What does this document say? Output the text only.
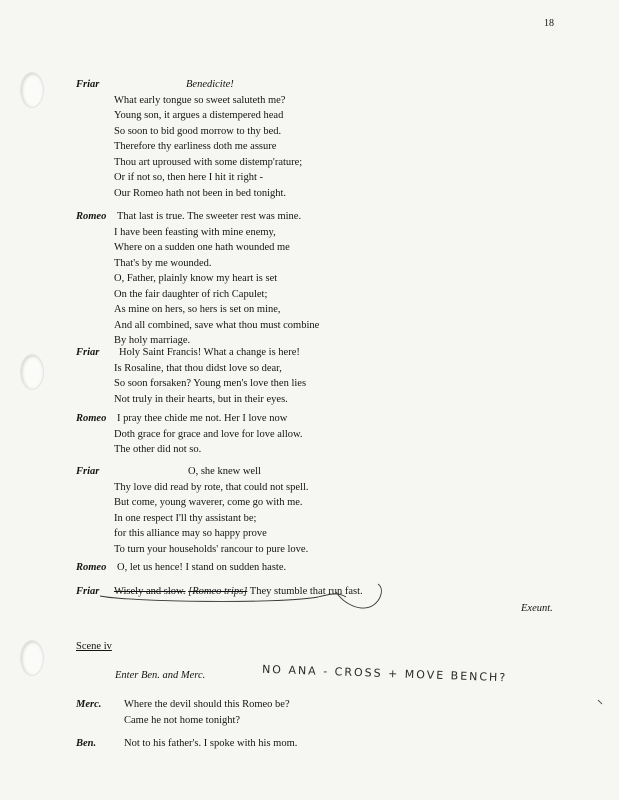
18
Friar	Benedicite!
What early tongue so sweet saluteth me?
Young son, it argues a distempered head
So soon to bid good morrow to thy bed.
Therefore thy earliness doth me assure
Thou art uproused with some distemp'rature;
Or if not so, then here I hit it right -
Our Romeo hath not been in bed tonight.
Romeo That last is true. The sweeter rest was mine.
I have been feasting with mine enemy,
Where on a sudden one hath wounded me
That's by me wounded.
O, Father, plainly know my heart is set
On the fair daughter of rich Capulet;
As mine on hers, so hers is set on mine,
And all combined, save what thou must combine
By holy marriage.
Friar Holy Saint Francis! What a change is here!
Is Rosaline, that thou didst love so dear,
So soon forsaken? Young men's love then lies
Not truly in their hearts, but in their eyes.
Romeo I pray thee chide me not. Her I love now
Doth grace for grace and love for love allow.
The other did not so.
Friar	O, she knew well
Thy love did read by rote, that could not spell.
But come, young waverer, come go with me.
In one respect I'll thy assistant be;
for this alliance may so happy prove
To turn your households' rancour to pure love.
Romeo O, let us hence! I stand on sudden haste.
Friar Wisely and slow. [Romeo trips] They stumble that run fast.
Exeunt.
Scene iv
Enter Ben. and Merc.	NO ANA - CROSS + MOVE BENCH?
Merc. Where the devil should this Romeo be?
Came he not home tonight?
Ben.	Not to his father's. I spoke with his mom.
